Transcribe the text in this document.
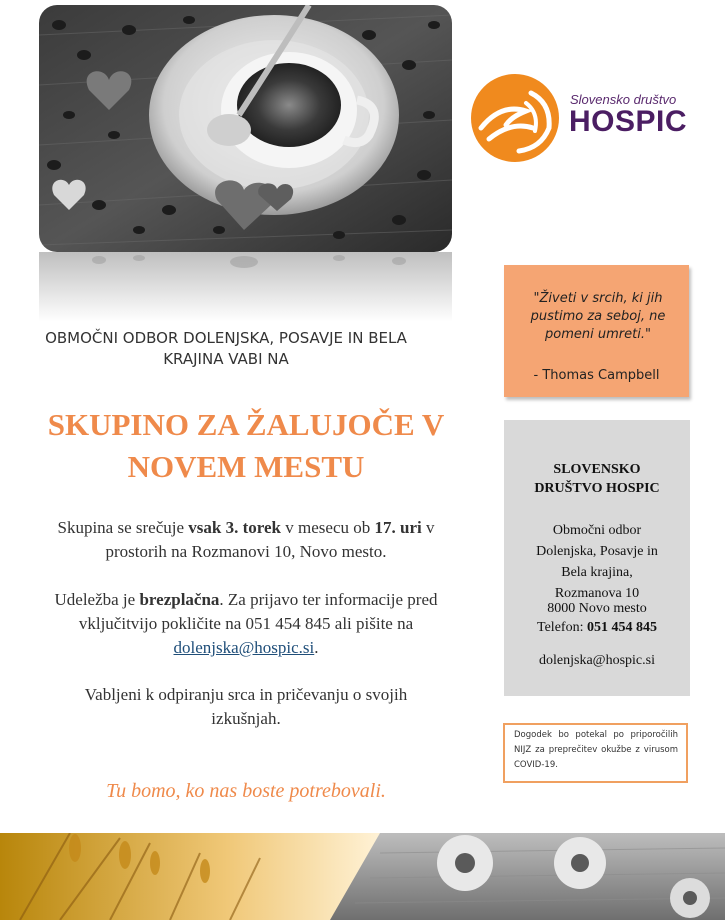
Slovensko društvo
HOSPIC
OBMOČNI ODBOR DOLENJSKA, POSAVJE IN BELA
KRAJINA VABI NA
SKUPINO ZA ŽALUJOČE V
NOVEM MESTU
Skupina se srečuje vsak 3. torek v mesecu ob 17. uri v
prostorih na Rozmanovi 10, Novo mesto.
Udeležba je brezplačna. Za prijavo ter informacije pred
vključitvijo pokličite na 051 454 845 ali pišite na
dolenjska@hospic.si.
Vabljeni k odpiranju srca in pričevanju o svojih
izkušnjah.
Tu bomo, ko nas boste potrebovali.
"Živeti v srcih, ki jih
pustimo za seboj, ne
pomeni umreti."
- Thomas Campbell
SLOVENSKO
DRUŠTVO HOSPIC
Območni odbor
Dolenjska, Posavje in
Bela krajina,
Rozmanova 10
8000 Novo mesto
Telefon: 051 454 845
dolenjska@hospic.si
Dogodek bo potekal po priporočilih NIJZ za preprečitev okužbe z virusom COVID-19.
